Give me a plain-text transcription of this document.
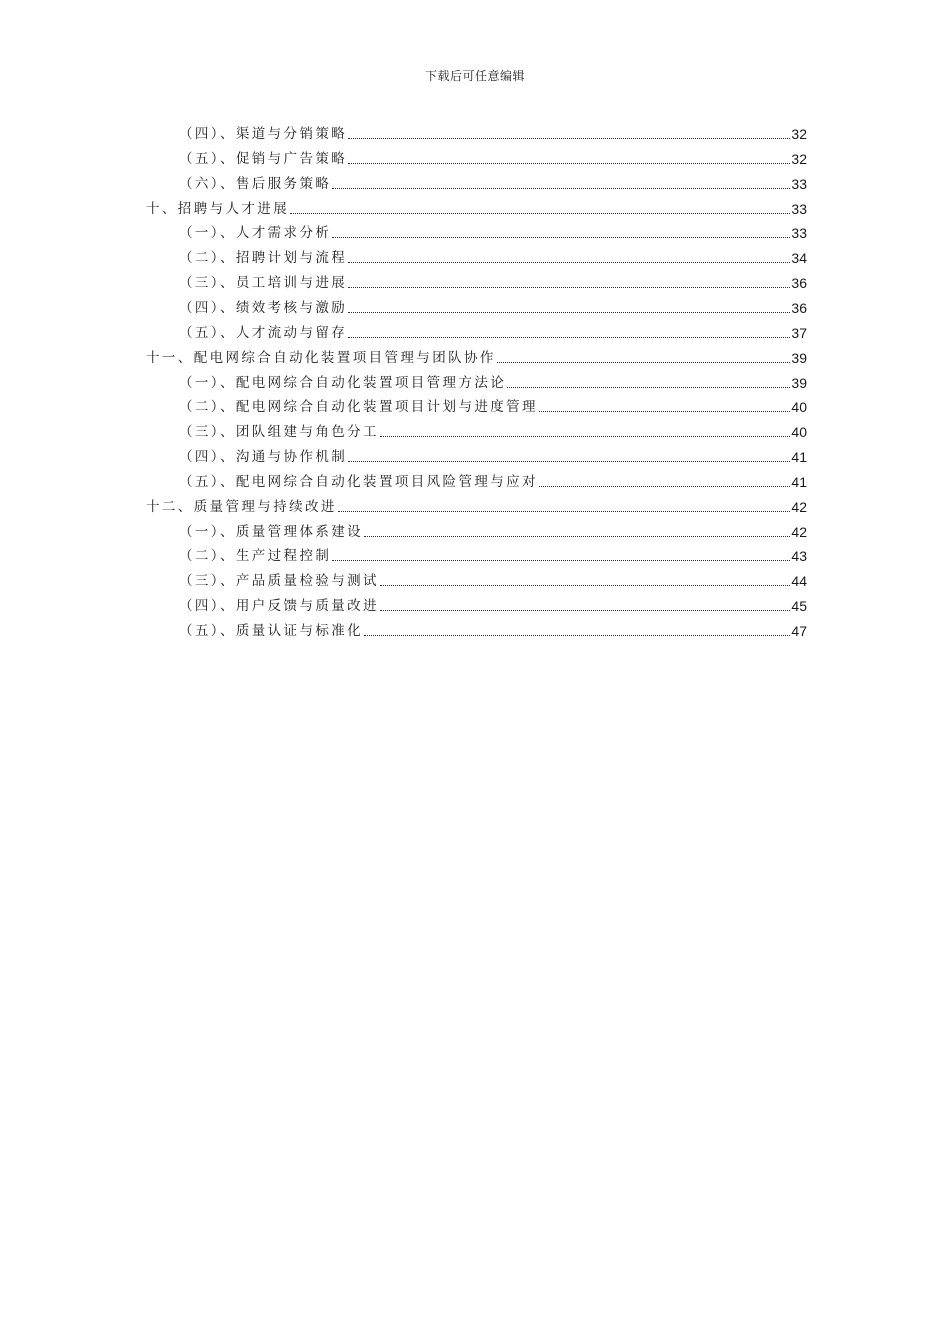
下载后可任意编辑
（四）、渠道与分销策略	32
（五）、促销与广告策略	32
（六）、售后服务策略	33
十、招聘与人才进展	33
（一）、人才需求分析	33
（二）、招聘计划与流程	34
（三）、员工培训与进展	36
（四）、绩效考核与激励	36
（五）、人才流动与留存	37
十一、配电网综合自动化装置项目管理与团队协作	39
（一）、配电网综合自动化装置项目管理方法论	39
（二）、配电网综合自动化装置项目计划与进度管理	40
（三）、团队组建与角色分工	40
（四）、沟通与协作机制	41
（五）、配电网综合自动化装置项目风险管理与应对	41
十二、质量管理与持续改进	42
（一）、质量管理体系建设	42
（二）、生产过程控制	43
（三）、产品质量检验与测试	44
（四）、用户反馈与质量改进	45
（五）、质量认证与标准化	47
